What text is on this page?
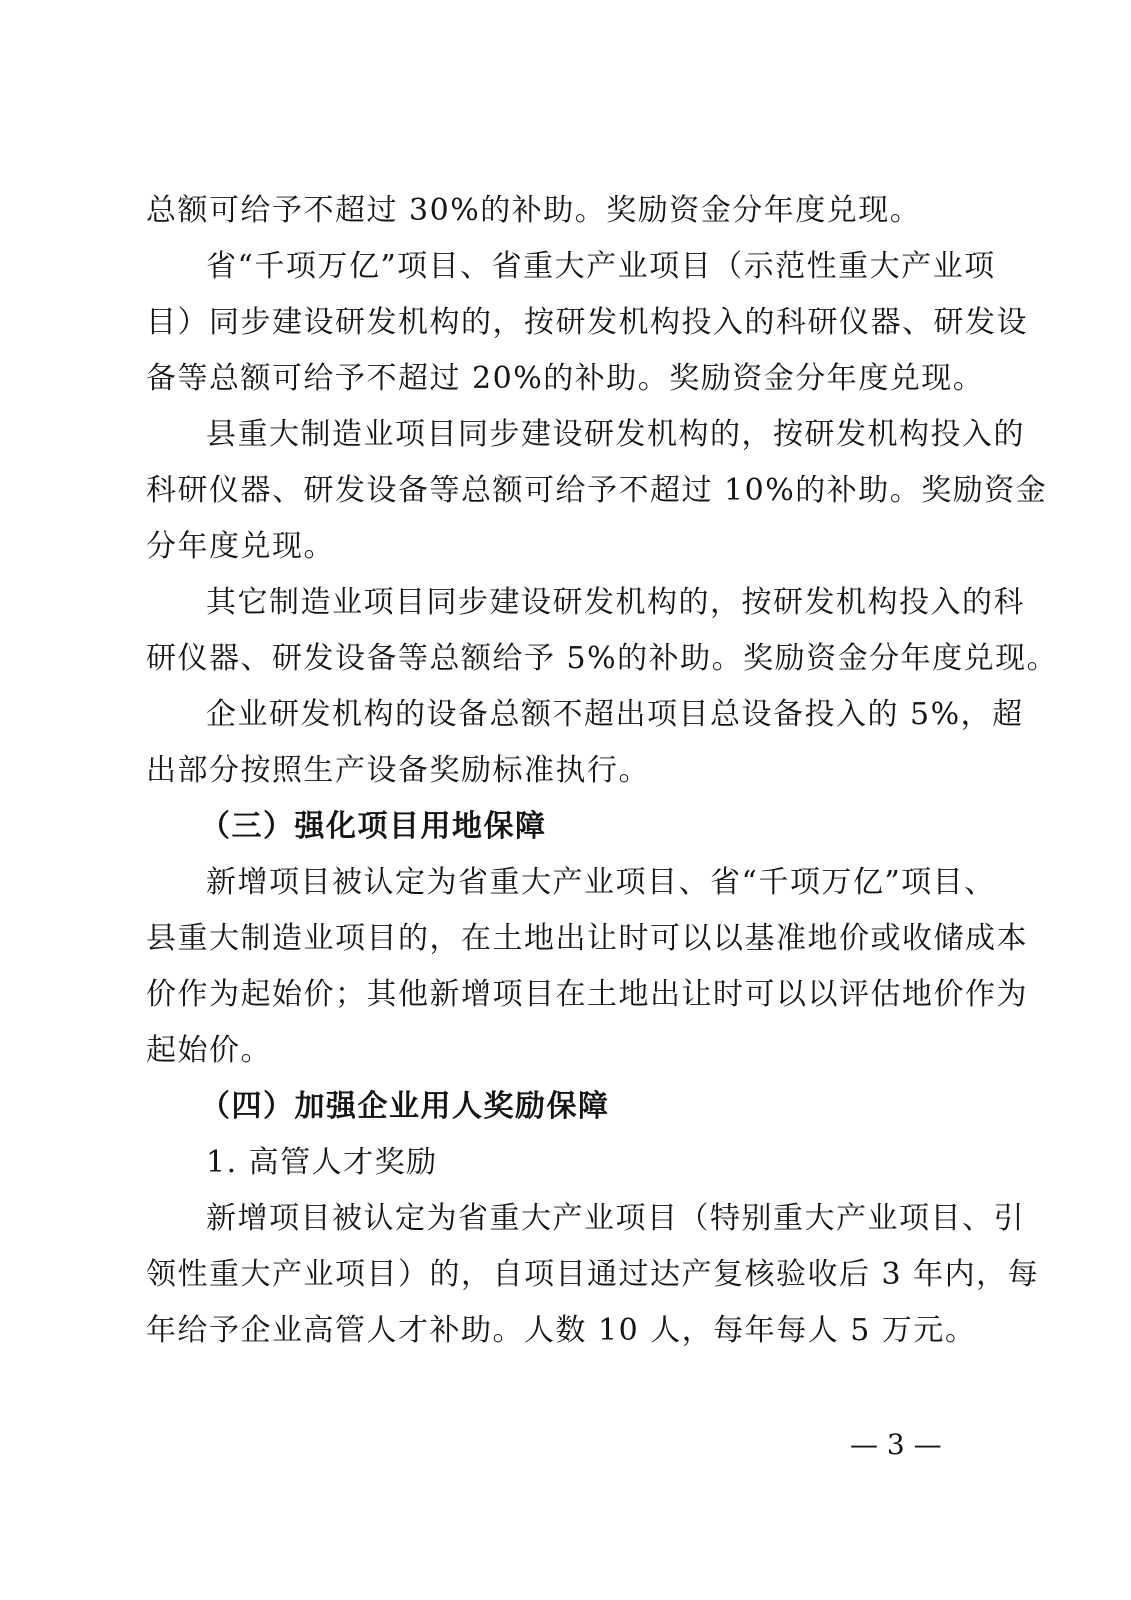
总额可给予不超过 30%的补助。奖励资金分年度兑现。
省“千项万亿”项目、省重大产业项目（示范性重大产业项
目）同步建设研发机构的，按研发机构投入的科研仪器、研发设
备等总额可给予不超过 20%的补助。奖励资金分年度兑现。
县重大制造业项目同步建设研发机构的，按研发机构投入的
科研仪器、研发设备等总额可给予不超过 10%的补助。奖励资金
分年度兑现。
其它制造业项目同步建设研发机构的，按研发机构投入的科
研仪器、研发设备等总额给予 5%的补助。奖励资金分年度兑现。
企业研发机构的设备总额不超出项目总设备投入的 5%，超
出部分按照生产设备奖励标准执行。
（三）强化项目用地保障
新增项目被认定为省重大产业项目、省“千项万亿”项目、
县重大制造业项目的，在土地出让时可以以基准地价或收储成本
价作为起始价；其他新增项目在土地出让时可以以评估地价作为
起始价。
（四）加强企业用人奖励保障
1. 高管人才奖励
新增项目被认定为省重大产业项目（特别重大产业项目、引
领性重大产业项目）的，自项目通过达产复核验收后 3 年内，每
年给予企业高管人才补助。人数 10 人，每年每人 5 万元。
— 3 —
